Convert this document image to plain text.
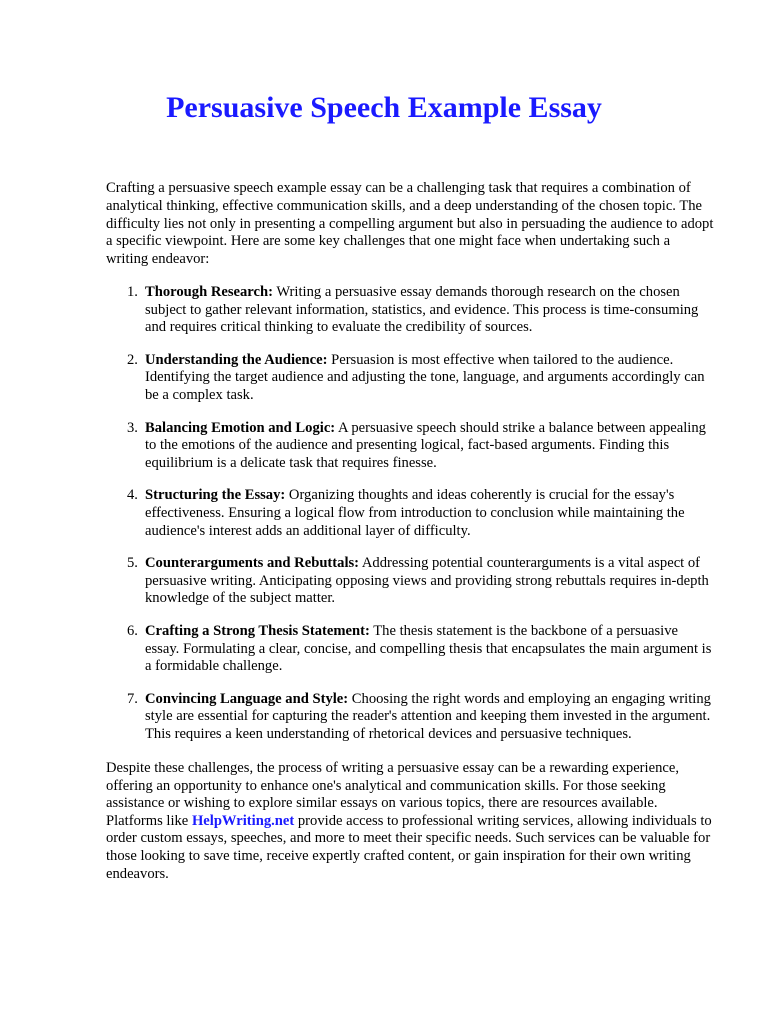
Persuasive Speech Example Essay

Crafting a persuasive speech example essay can be a challenging task that requires a combination of analytical thinking, effective communication skills, and a deep understanding of the chosen topic. The difficulty lies not only in presenting a compelling argument but also in persuading the audience to adopt a specific viewpoint. Here are some key challenges that one might face when undertaking such a writing endeavor:

1. Thorough Research: Writing a persuasive essay demands thorough research on the chosen subject to gather relevant information, statistics, and evidence. This process is time-consuming and requires critical thinking to evaluate the credibility of sources.
2. Understanding the Audience: Persuasion is most effective when tailored to the audience. Identifying the target audience and adjusting the tone, language, and arguments accordingly can be a complex task.
3. Balancing Emotion and Logic: A persuasive speech should strike a balance between appealing to the emotions of the audience and presenting logical, fact-based arguments. Finding this equilibrium is a delicate task that requires finesse.
4. Structuring the Essay: Organizing thoughts and ideas coherently is crucial for the essay's effectiveness. Ensuring a logical flow from introduction to conclusion while maintaining the audience's interest adds an additional layer of difficulty.
5. Counterarguments and Rebuttals: Addressing potential counterarguments is a vital aspect of persuasive writing. Anticipating opposing views and providing strong rebuttals requires in-depth knowledge of the subject matter.
6. Crafting a Strong Thesis Statement: The thesis statement is the backbone of a persuasive essay. Formulating a clear, concise, and compelling thesis that encapsulates the main argument is a formidable challenge.
7. Convincing Language and Style: Choosing the right words and employing an engaging writing style are essential for capturing the reader's attention and keeping them invested in the argument. This requires a keen understanding of rhetorical devices and persuasive techniques.

Despite these challenges, the process of writing a persuasive essay can be a rewarding experience, offering an opportunity to enhance one's analytical and communication skills. For those seeking assistance or wishing to explore similar essays on various topics, there are resources available. Platforms like HelpWriting.net provide access to professional writing services, allowing individuals to order custom essays, speeches, and more to meet their specific needs. Such services can be valuable for those looking to save time, receive expertly crafted content, or gain inspiration for their own writing endeavors.
